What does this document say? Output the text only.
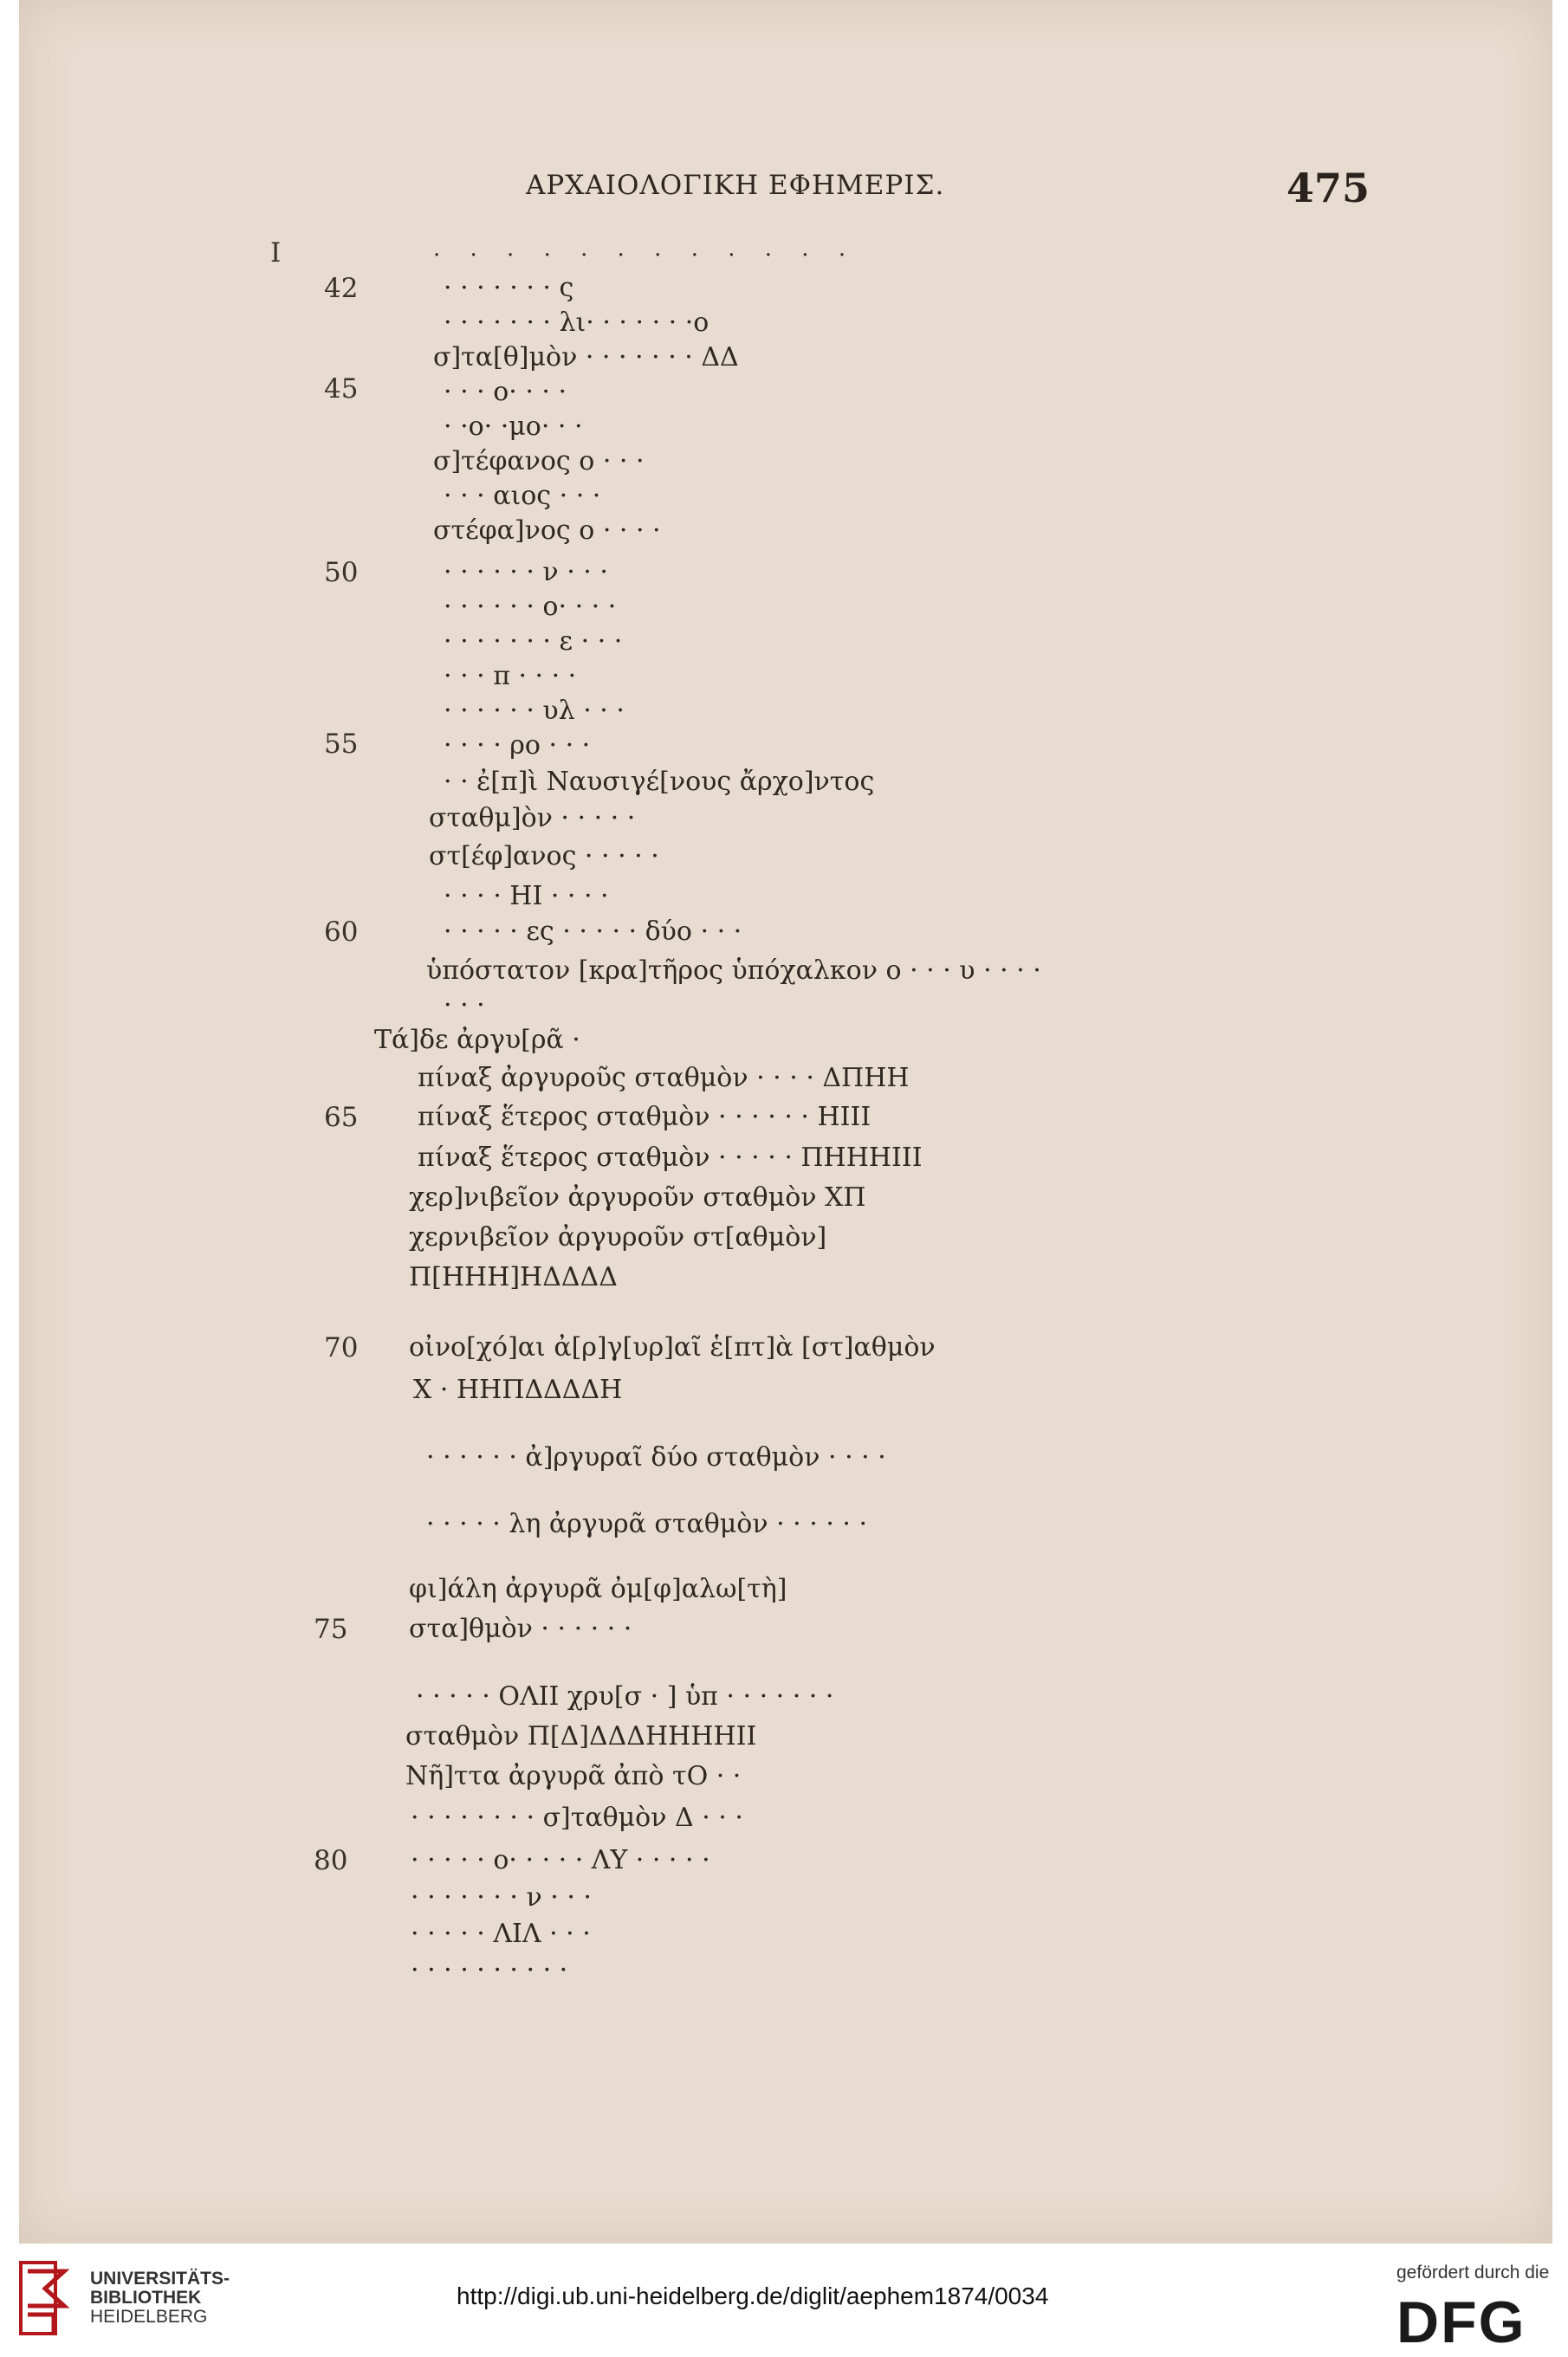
ΑΡΧΑΙΟΛΟΓΙΚΗ ΕΦΗΜΕΡΙΣ.	475
I	· · · · · · · · · · · ·
42
45
50
55
60
65
70
75
80
· · · · · · · ς
· · · · · · · λι· · · · · · ·ο
σ]τα[θ]μὸν · · · · · · · ΔΔ
· · · ο· · · ·
· ·ο· ·μο· · ·
σ]τέφανος ο · · ·
· · · αιος · · ·
στέφα]νος ο · · · ·
· · · · · · ν · · ·
· · · · · · ο· · · ·
· · · · · · · ε · · ·
· · · π · · · ·
· · · · · · υλ · · ·
· · · · ρο · · ·
· · ἐ[π]ὶ Ναυσιγέ[νους ἄρχο]ντος
σταθμ]ὸν · · · · ·
στ[έφ]ανος · · · · ·
· · · · ΗΙ · · · ·
· · · · · ες · · · · · δύο · · ·
ὑπόστατον [κρα]τῆρος ὑπόχαλκον ο · · · υ · · · ·
· · ·
Τά]δε ἀργυ[ρᾶ ·
πίναξ ἀργυροῦς σταθμὸν · · · · ΔΠΗΗ
πίναξ ἕτερος σταθμὸν · · · · · · ΗΙΙΙ
πίναξ ἕτερος σταθμὸν · · · · · ΠΗΗΗΙΙΙ
χερ]νιβεῖον ἀργυροῦν σταθμὸν ΧΠ
χερνιβεῖον ἀργυροῦν στ[αθμὸν]
Π[ΗΗΗ]ΗΔΔΔΔ
οἰνο[χό]αι ἀ[ρ]γ[υρ]αῖ ἑ[πτ]ὰ [στ]αθμὸν
Χ · ΗΗΠΔΔΔΔΗ
· · · · · · ἀ]ργυραῖ δύο σταθμὸν · · · ·
· · · · · λη ἀργυρᾶ σταθμὸν · · · · · ·
φι]άλη ἀργυρᾶ ὀμ[φ]αλω[τὴ]
στα]θμὸν · · · · · ·
· · · · · ΟΛΙΙ χρυ[σ · ] ὑπ · · · · · · ·
σταθμὸν Π[Δ]ΔΔΔΗΗΗΗΙΙ
Νῆ]ττα ἀργυρᾶ ἀπὸ τΟ · ·
· · · · · · · · σ]ταθμὸν Δ · · ·
· · · · · ο· · · · · ΛΥ · · · · ·
· · · · · · · ν · · ·
· · · · · ΛΙΛ · · ·
· · · · · · · · · ·
UNIVERSITÄTS-
BIBLIOTHEK
HEIDELBERG
http://digi.ub.uni-heidelberg.de/diglit/aephem1874/0034
gefördert durch die
DFG
